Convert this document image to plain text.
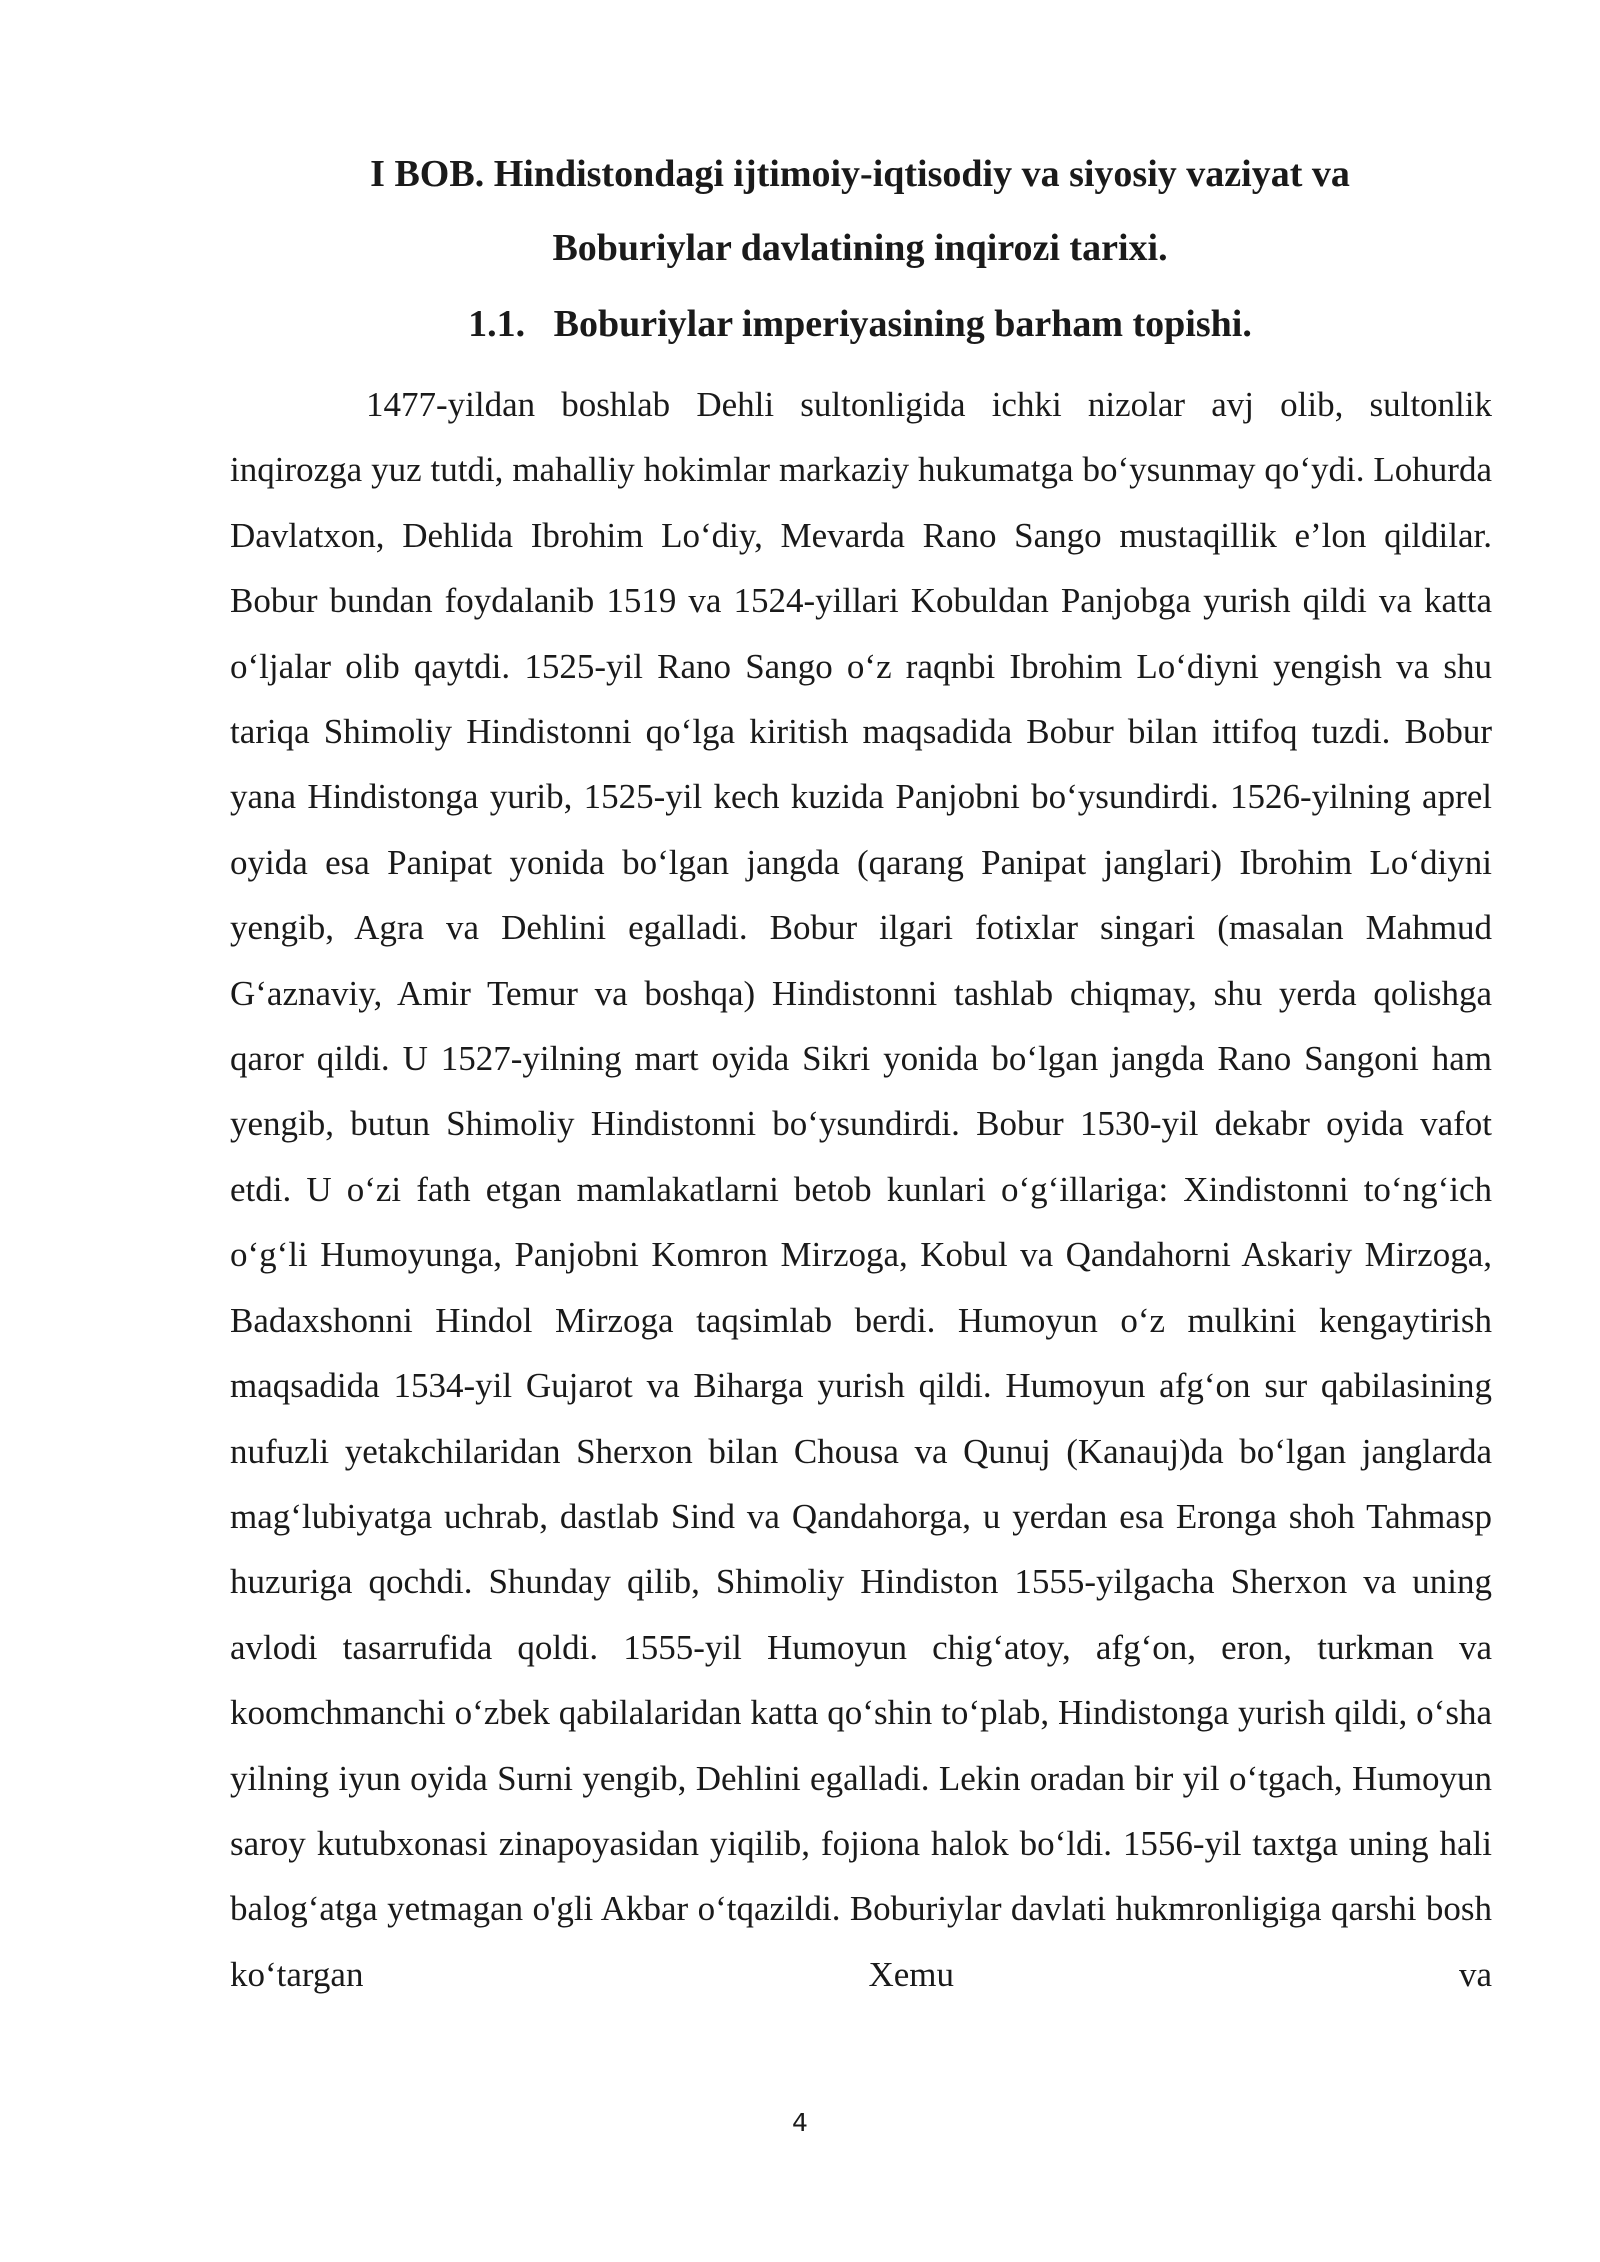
I BOB. Hindistondagi ijtimoiy-iqtisodiy va siyosiy vaziyat va
Boburiylar davlatining inqirozi tarixi.
1.1.   Boburiylar imperiyasining barham topishi.

1477-yildan boshlab Dehli sultonligida ichki nizolar avj olib, sultonlik inqirozga yuz tutdi, mahalliy hokimlar markaziy hukumatga bo‘ysunmay qo‘ydi. Lohurda Davlatxon, Dehlida Ibrohim Lo‘diy, Mevarda Rano Sango mustaqillik e’lon qildilar. Bobur bundan foydalanib 1519 va 1524-yillari Kobuldan Panjobga yurish qildi va katta o‘ljalar olib qaytdi. 1525-yil Rano Sango o‘z raqnbi Ibrohim Lo‘diyni yengish va shu tariqa Shimoliy Hindistonni qo‘lga kiritish maqsadida Bobur bilan ittifoq tuzdi. Bobur yana Hindistonga yurib, 1525-yil kech kuzida Panjobni bo‘ysundirdi. 1526-yilning aprel oyida esa Panipat yonida bo‘lgan jangda (qarang Panipat janglari) Ibrohim Lo‘diyni yengib, Agra va Dehlini egalladi. Bobur ilgari fotixlar singari (masalan Mahmud G‘aznaviy, Amir Temur va boshqa) Hindistonni tashlab chiqmay, shu yerda qolishga qaror qildi. U 1527-yilning mart oyida Sikri yonida bo‘lgan jangda Rano Sangoni ham yengib, butun Shimoliy Hindistonni bo‘ysundirdi. Bobur 1530-yil dekabr oyida vafot etdi. U o‘zi fath etgan mamlakatlarni betob kunlari o‘g‘illariga: Xindistonni to‘ng‘ich o‘g‘li Humoyunga, Panjobni Komron Mirzoga, Kobul va Qandahorni Askariy Mirzoga, Badaxshonni Hindol Mirzoga taqsimlab berdi. Humoyun o‘z mulkini kengaytirish maqsadida 1534-yil Gujarot va Biharga yurish qildi. Humoyun afg‘on sur qabilasining nufuzli yetakchilaridan Sherxon bilan Chousa va Qunuj (Kanauj)da bo‘lgan janglarda mag‘lubiyatga uchrab, dastlab Sind va Qandahorga, u yerdan esa Eronga shoh Tahmasp huzuriga qochdi. Shunday qilib, Shimoliy Hindiston 1555-yilgacha Sherxon va uning avlodi tasarrufida qoldi. 1555-yil Humoyun chig‘atoy, afg‘on, eron, turkman va koomchmanchi o‘zbek qabilalaridan katta qo‘shin to‘plab, Hindistonga yurish qildi, o‘sha yilning iyun oyida Surni yengib, Dehlini egalladi. Lekin oradan bir yil o‘tgach, Humoyun saroy kutubxonasi zinapoyasidan yiqilib, fojiona halok bo‘ldi. 1556-yil taxtga uning hali balog‘atga yetmagan o'gli Akbar o‘tqazildi. Boburiylar davlati hukmronligiga qarshi bosh ko‘targan Xemu va

4
